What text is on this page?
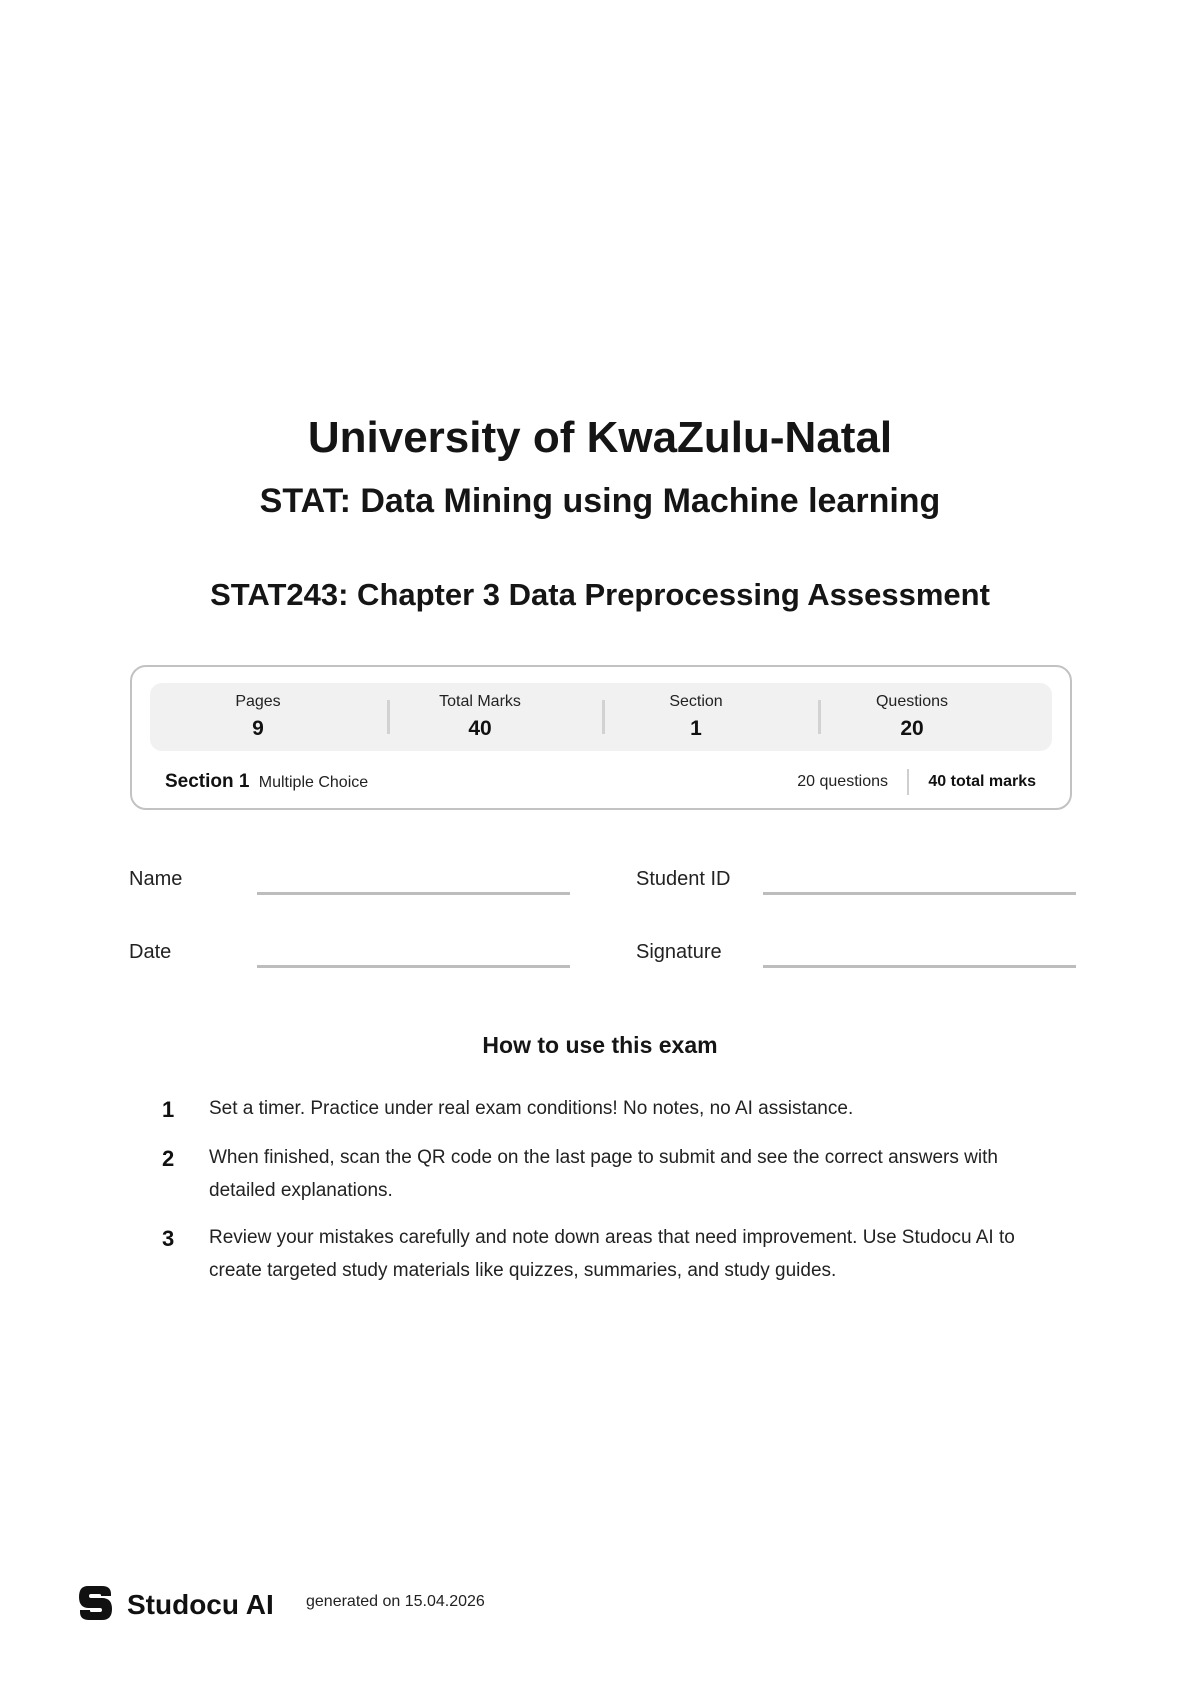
University of KwaZulu-Natal
STAT: Data Mining using Machine learning
STAT243: Chapter 3 Data Preprocessing Assessment
Pages
9
Total Marks
40
Section
1
Questions
20
Section 1 Multiple Choice	20 questions	40 total marks
Name	Student ID
Date	Signature
How to use this exam
1 Set a timer. Practice under real exam conditions! No notes, no AI assistance.
2 When finished, scan the QR code on the last page to submit and see the correct answers with detailed explanations.
3 Review your mistakes carefully and note down areas that need improvement. Use Studocu AI to create targeted study materials like quizzes, summaries, and study guides.
Studocu AI generated on 15.04.2026
